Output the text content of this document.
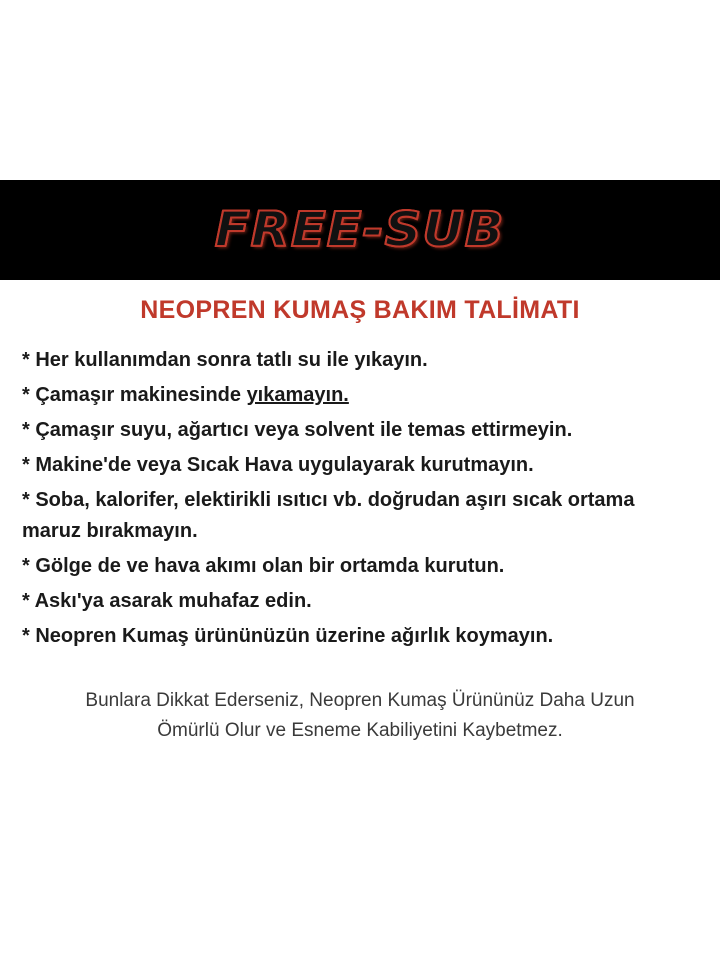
FREE-SUB
NEOPREN KUMAŞ BAKIM TALİMATI
* Her kullanımdan sonra tatlı su ile yıkayın.
* Çamaşır makinesinde yıkamayın.
* Çamaşır suyu, ağartıcı veya solvent ile temas ettirmeyin.
* Makine'de veya Sıcak Hava uygulayarak kurutmayın.
* Soba, kalorifer, elektirikli ısıtıcı vb. doğrudan aşırı sıcak ortama maruz bırakmayın.
* Gölge de ve hava akımı olan bir ortamda kurutun.
* Askı'ya asarak muhafaz edin.
* Neopren Kumaş ürününüzün üzerine ağırlık koymayın.

Bunlara Dikkat Ederseniz, Neopren Kumaş Ürününüz Daha Uzun Ömürlü Olur ve Esneme Kabiliyetini Kaybetmez.
